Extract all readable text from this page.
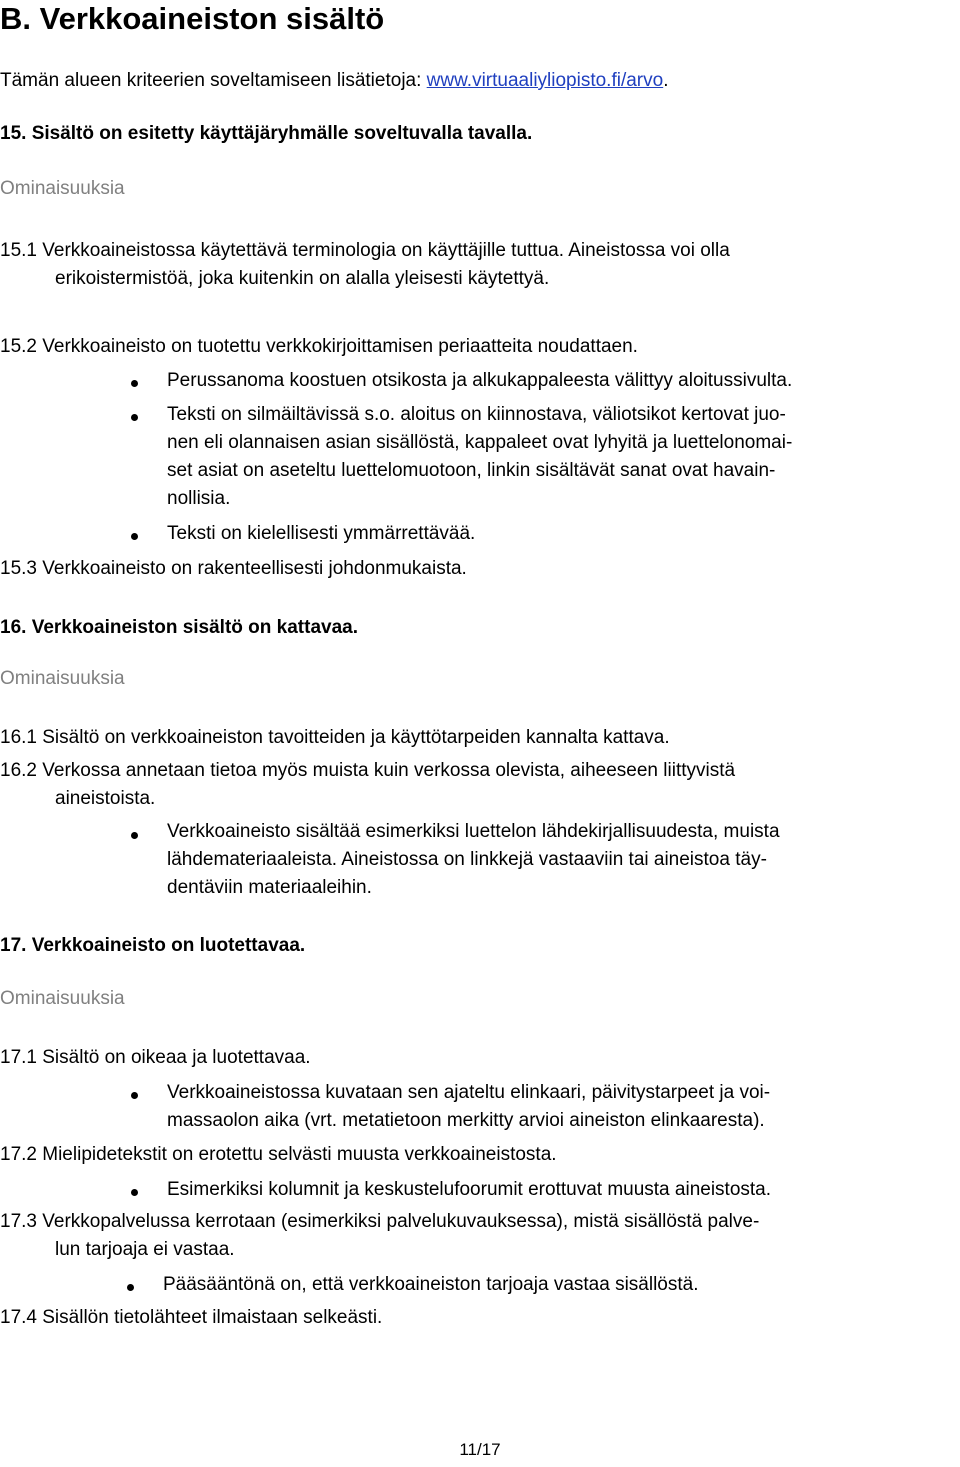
B. Verkkoaineiston sisältö
Tämän alueen kriteerien soveltamiseen lisätietoja: www.virtuaaliyliopisto.fi/arvo.
15. Sisältö on esitetty käyttäjäryhmälle soveltuvalla tavalla.
Ominaisuuksia
15.1 Verkkoaineistossa käytettävä terminologia on käyttäjille tuttua. Aineistossa voi olla
erikoistermistöä, joka kuitenkin on alalla yleisesti käytettyä.
15.2 Verkkoaineisto on tuotettu verkkokirjoittamisen periaatteita noudattaen.
Perussanoma koostuen otsikosta ja alkukappaleesta välittyy aloitussivulta.
Teksti on silmäiltävissä s.o. aloitus on kiinnostava, väliotsikot kertovat juo-
nen eli olannaisen asian sisällöstä, kappaleet ovat lyhyitä ja luettelonomai-
set asiat on aseteltu luettelomuotoon, linkin sisältävät sanat ovat havain-
nollisia.
Teksti on kielellisesti ymmärrettävää.
15.3 Verkkoaineisto on rakenteellisesti johdonmukaista.
16. Verkkoaineiston sisältö on kattavaa.
Ominaisuuksia
16.1 Sisältö on verkkoaineiston tavoitteiden ja käyttötarpeiden kannalta kattava.
16.2 Verkossa annetaan tietoa myös muista kuin verkossa olevista, aiheeseen liittyvistä
aineistoista.
Verkkoaineisto sisältää esimerkiksi luettelon lähdekirjallisuudesta, muista
lähdemateriaaleista. Aineistossa on linkkejä vastaaviin tai aineistoa täy-
dentäviin materiaaleihin.
17. Verkkoaineisto on luotettavaa.
Ominaisuuksia
17.1 Sisältö on oikeaa ja luotettavaa.
Verkkoaineistossa kuvataan sen ajateltu elinkaari, päivitystarpeet ja voi-
massaolon aika (vrt. metatietoon merkitty arvioi aineiston elinkaaresta).
17.2 Mielipidetekstit on erotettu selvästi muusta verkkoaineistosta.
Esimerkiksi kolumnit ja keskustelufoorumit erottuvat muusta aineistosta.
17.3 Verkkopalvelussa kerrotaan (esimerkiksi palvelukuvauksessa), mistä sisällöstä palve-
lun tarjoaja ei vastaa.
Pääsääntönä on, että verkkoaineiston tarjoaja vastaa sisällöstä.
17.4 Sisällön tietolähteet ilmaistaan selkeästi.
11/17
